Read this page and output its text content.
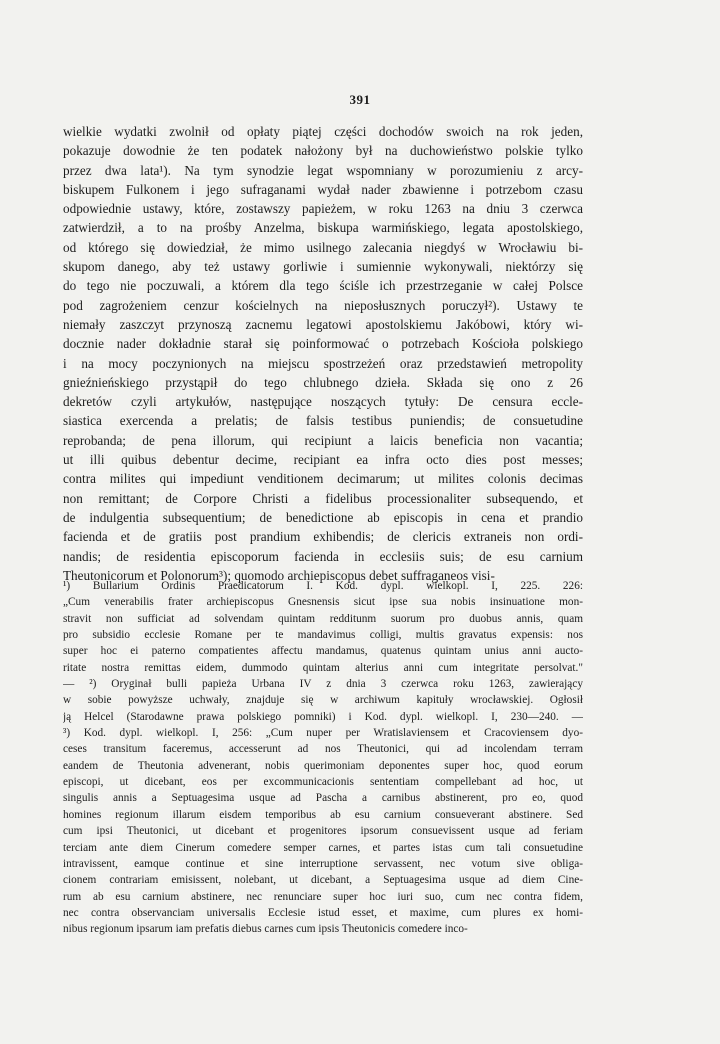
391
wielkie wydatki zwolnił od opłaty piątej części dochodów swoich na rok jeden,
pokazuje dowodnie że ten podatek nałożony był na duchowieństwo polskie tylko
przez dwa lata¹). Na tym synodzie legat wspomniany w porozumieniu z arcy-
biskupem Fulkonem i jego sufraganami wydał nader zbawienne i potrzebom czasu
odpowiednie ustawy, które, zostawszy papieżem, w roku 1263 na dniu 3 czerwca
zatwierdził, a to na prośby Anzelma, biskupa warmińskiego, legata apostolskiego,
od którego się dowiedział, że mimo usilnego zalecania niegdyś w Wrocławiu bi-
skupom danego, aby też ustawy gorliwie i sumiennie wykonywali, niektórzy się
do tego nie poczuwali, a którem dla tego ściśle ich przestrzeganie w całej Polsce
pod zagrożeniem cenzur kościelnych na nieposłusznych poruczył²). Ustawy te
niemały zaszczyt przynoszą zacnemu legatowi apostolskiemu Jakóbowi, który wi-
docznie nader dokładnie starał się poinformować o potrzebach Kościoła polskiego
i na mocy poczynionych na miejscu spostrzeżeń oraz przedstawień metropolity
gnieźnieńskiego przystąpił do tego chlubnego dzieła. Składa się ono z 26
dekretów czyli artykułów, następujące noszących tytuły: De censura eccle-
siastica exercenda a prelatis; de falsis testibus puniendis; de consuetudine
reprobanda; de pena illorum, qui recipiunt a laicis beneficia non vacantia;
ut illi quibus debentur decime, recipiant ea infra octo dies post messes;
contra milites qui impediunt venditionem decimarum; ut milites colonis decimas
non remittant; de Corpore Christi a fidelibus processionaliter subsequendo, et
de indulgentia subsequentium; de benedictione ab episcopis in cena et prandio
facienda et de gratiis post prandium exhibendis; de clericis extraneis non ordi-
nandis; de residentia episcoporum facienda in ecclesiis suis; de esu carnium
Theutonicorum et Polonorum³); quomodo archiepiscopus debet suffraganeos visi-
¹) Bullarium Ordinis Praedicatorum I. Kod. dypl. wielkopl. I, 225. 226:
„Cum venerabilis frater archiepiscopus Gnesnensis sicut ipse sua nobis insinuatione mon-
stravit non sufficiat ad solvendam quintam redditunm suorum pro duobus annis, quam
pro subsidio ecclesie Romane per te mandavimus colligi, multis gravatus expensis: nos
super hoc ei paterno compatientes affectu mandamus, quatenus quintam unius anni aucto-
ritate nostra remittas eidem, dummodo quintam alterius anni cum integritate persolvat."
— ²) Oryginał bulli papieża Urbana IV z dnia 3 czerwca roku 1263, zawierający
w sobie powyższe uchwały, znajduje się w archiwum kapituły wrocławskiej. Ogłosił
ją Helcel (Starodawne prawa polskiego pomniki) i Kod. dypl. wielkopl. I, 230—240. —
³) Kod. dypl. wielkopl. I, 256: „Cum nuper per Wratislaviensem et Cracoviensem dyo-
ceses transitum faceremus, accesserunt ad nos Theutonici, qui ad incolendam terram
eandem de Theutonia advenerant, nobis querimoniam deponentes super hoc, quod eorum
episcopi, ut dicebant, eos per excommunicacionis sententiam compellebant ad hoc, ut
singulis annis a Septuagesima usque ad Pascha a carnibus abstinerent, pro eo, quod
homines regionum illarum eisdem temporibus ab esu carnium consueverant abstinere. Sed
cum ipsi Theutonici, ut dicebant et progenitores ipsorum consuevissent usque ad feriam
terciam ante diem Cinerum comedere semper carnes, et partes istas cum tali consuetudine
intravissent, eamque continue et sine interruptione servassent, nec votum sive obliga-
cionem contrariam emisissent, nolebant, ut dicebant, a Septuagesima usque ad diem Cine-
rum ab esu carnium abstinere, nec renunciare super hoc iuri suo, cum nec contra fidem,
nec contra observanciam universalis Ecclesie istud esset, et maxime, cum plures ex homi-
nibus regionum ipsarum iam prefatis diebus carnes cum ipsis Theutonicis comedere inco-
